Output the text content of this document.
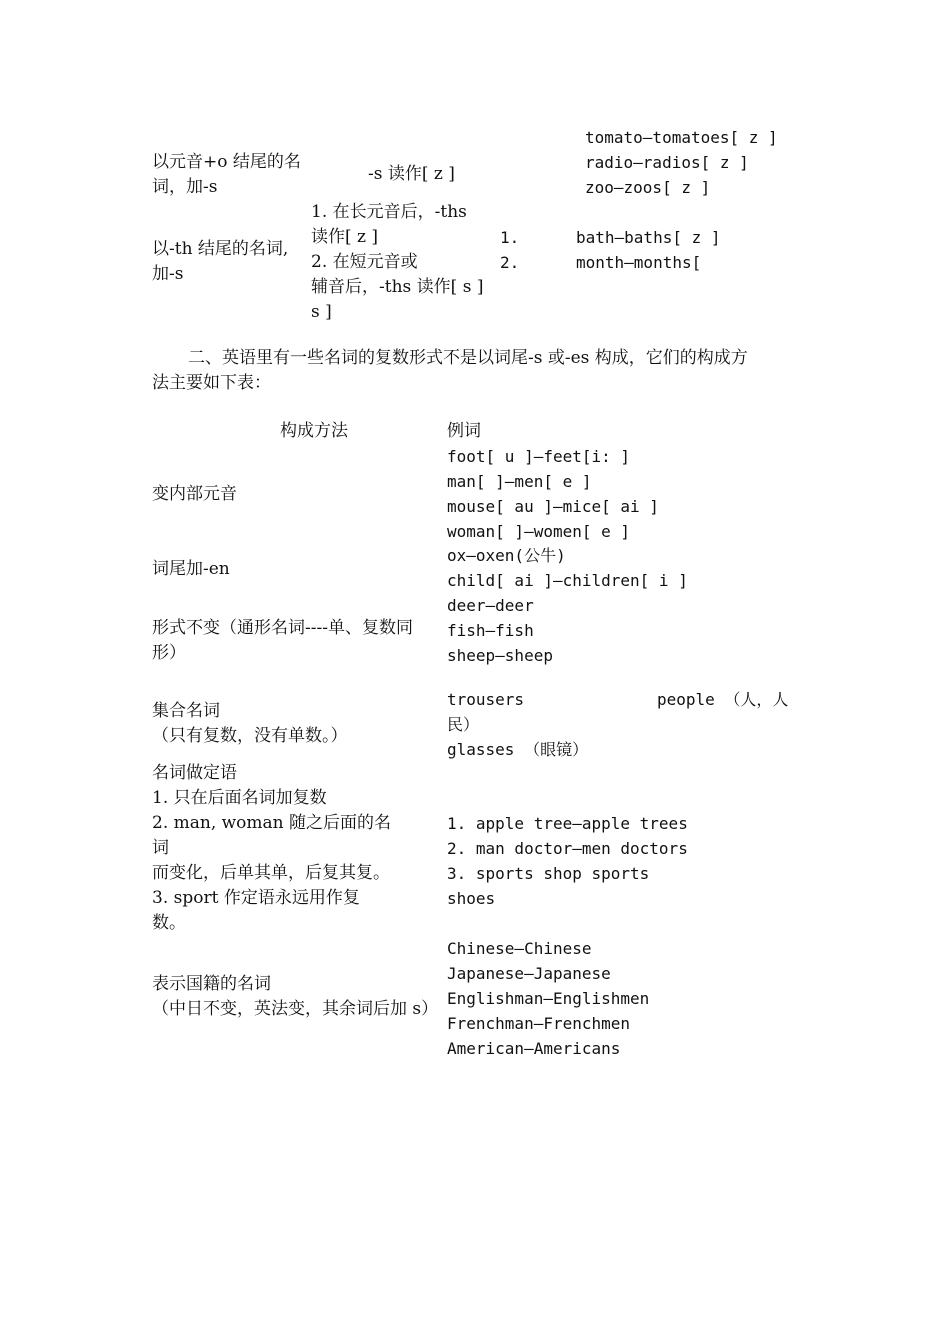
以元音+o 结尾的名
词，加-s
-s 读作[ z ]
tomato—tomatoes[ z ]
radio—radios[ z ]
zoo—zoos[ z ]
以-th 结尾的名词,
加-s
1. 在长元音后，-ths
读作[ z ]
2. 在短元音或
辅音后，-ths 读作[ s ]
s ]
1.
2.
bath—baths[ z ]
month—months[
二、英语里有一些名词的复数形式不是以词尾-s 或-es 构成，它们的构成方
法主要如下表：
构成方法	例词
变内部元音
foot[ u ]—feet[i: ]
man[ ]—men[ e ]
mouse[ au ]—mice[ ai ]
woman[ ]—women[ e ]
词尾加-en
ox—oxen(公牛)
child[ ai ]—children[ i ]
形式不变（通形名词----单、复数同
形）
deer—deer
fish—fish
sheep—sheep
集合名词
（只有复数，没有单数。）
trousers	people （人，人
民）
glasses （眼镜）
名词做定语
1. 只在后面名词加复数
2. man, woman 随之后面的名
词
而变化，后单其单，后复其复。
3. sport 作定语永远用作复
数。
1. apple tree—apple trees
2. man doctor—men doctors
3. sports shop sports
shoes
表示国籍的名词
（中日不变，英法变，其余词后加 s）
Chinese—Chinese
Japanese—Japanese
Englishman—Englishmen
Frenchman—Frenchmen
American—Americans
